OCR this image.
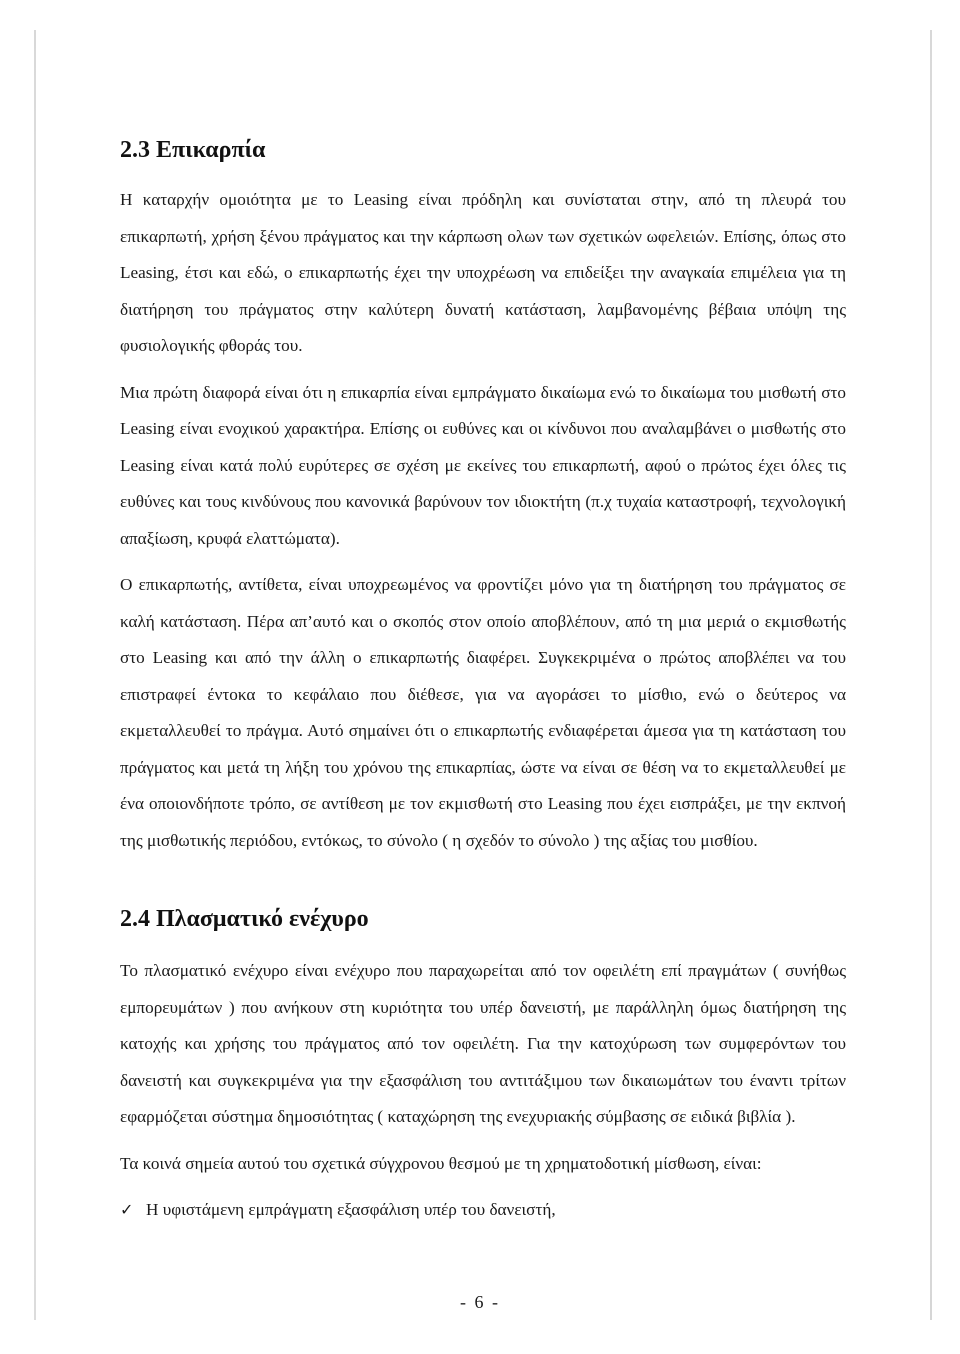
2.3 Επικαρπία

Η καταρχήν ομοιότητα με το Leasing είναι πρόδηλη και συνίσταται στην, από τη πλευρά του επικαρπωτή, χρήση ξένου πράγματος και την κάρπωση ολων των σχετικών ωφελειών. Επίσης, όπως στο Leasing, έτσι και εδώ, ο επικαρπωτής έχει την υποχρέωση να επιδείξει την αναγκαία επιμέλεια για τη διατήρηση του πράγματος στην καλύτερη δυνατή κατάσταση, λαμβανομένης βέβαια υπόψη της φυσιολογικής φθοράς του.

Μια πρώτη διαφορά είναι ότι η επικαρπία είναι εμπράγματο δικαίωμα ενώ το δικαίωμα του μισθωτή στο Leasing είναι ενοχικού χαρακτήρα. Επίσης οι ευθύνες και οι κίνδυνοι που αναλαμβάνει ο μισθωτής στο Leasing είναι κατά πολύ ευρύτερες σε σχέση με εκείνες του επικαρπωτή, αφού ο πρώτος έχει όλες τις ευθύνες και τους κινδύνους που κανονικά βαρύνουν τον ιδιοκτήτη (π.χ τυχαία καταστροφή, τεχνολογική απαξίωση, κρυφά ελαττώματα).

Ο επικαρπωτής, αντίθετα, είναι υποχρεωμένος να φροντίζει μόνο για τη διατήρηση του πράγματος σε καλή κατάσταση. Πέρα απ’αυτό και ο σκοπός στον οποίο αποβλέπουν, από τη μια μεριά ο εκμισθωτής στο Leasing και από την άλλη ο επικαρπωτής διαφέρει. Συγκεκριμένα ο πρώτος αποβλέπει να του επιστραφεί έντοκα το κεφάλαιο που διέθεσε, για να αγοράσει το μίσθιο, ενώ ο δεύτερος να εκμεταλλευθεί το πράγμα. Αυτό σημαίνει ότι ο επικαρπωτής ενδιαφέρεται άμεσα για τη κατάσταση του πράγματος και μετά τη λήξη του χρόνου της επικαρπίας, ώστε να είναι σε θέση να το εκμεταλλευθεί με ένα οποιονδήποτε τρόπο, σε αντίθεση με τον εκμισθωτή στο Leasing που έχει εισπράξει, με την εκπνοή της μισθωτικής περιόδου, εντόκως, το σύνολο ( η σχεδόν το σύνολο ) της αξίας του μισθίου.

2.4 Πλασματικό ενέχυρο

Το πλασματικό ενέχυρο είναι ενέχυρο που παραχωρείται από τον οφειλέτη επί πραγμάτων ( συνήθως εμπορευμάτων ) που ανήκουν στη κυριότητα του υπέρ δανειστή, με παράλληλη όμως διατήρηση της κατοχής και χρήσης του πράγματος από τον οφειλέτη. Για την κατοχύρωση των συμφερόντων του δανειστή και συγκεκριμένα για την εξασφάλιση του αντιτάξιμου των δικαιωμάτων του έναντι τρίτων εφαρμόζεται σύστημα δημοσιότητας ( καταχώρηση της ενεχυριακής σύμβασης σε ειδικά βιβλία ).

Τα κοινά σημεία αυτού του σχετικά σύγχρονου θεσμού με τη χρηματοδοτική μίσθωση, είναι:

✓ Η υφιστάμενη εμπράγματη εξασφάλιση υπέρ του δανειστή,
- 6 -
